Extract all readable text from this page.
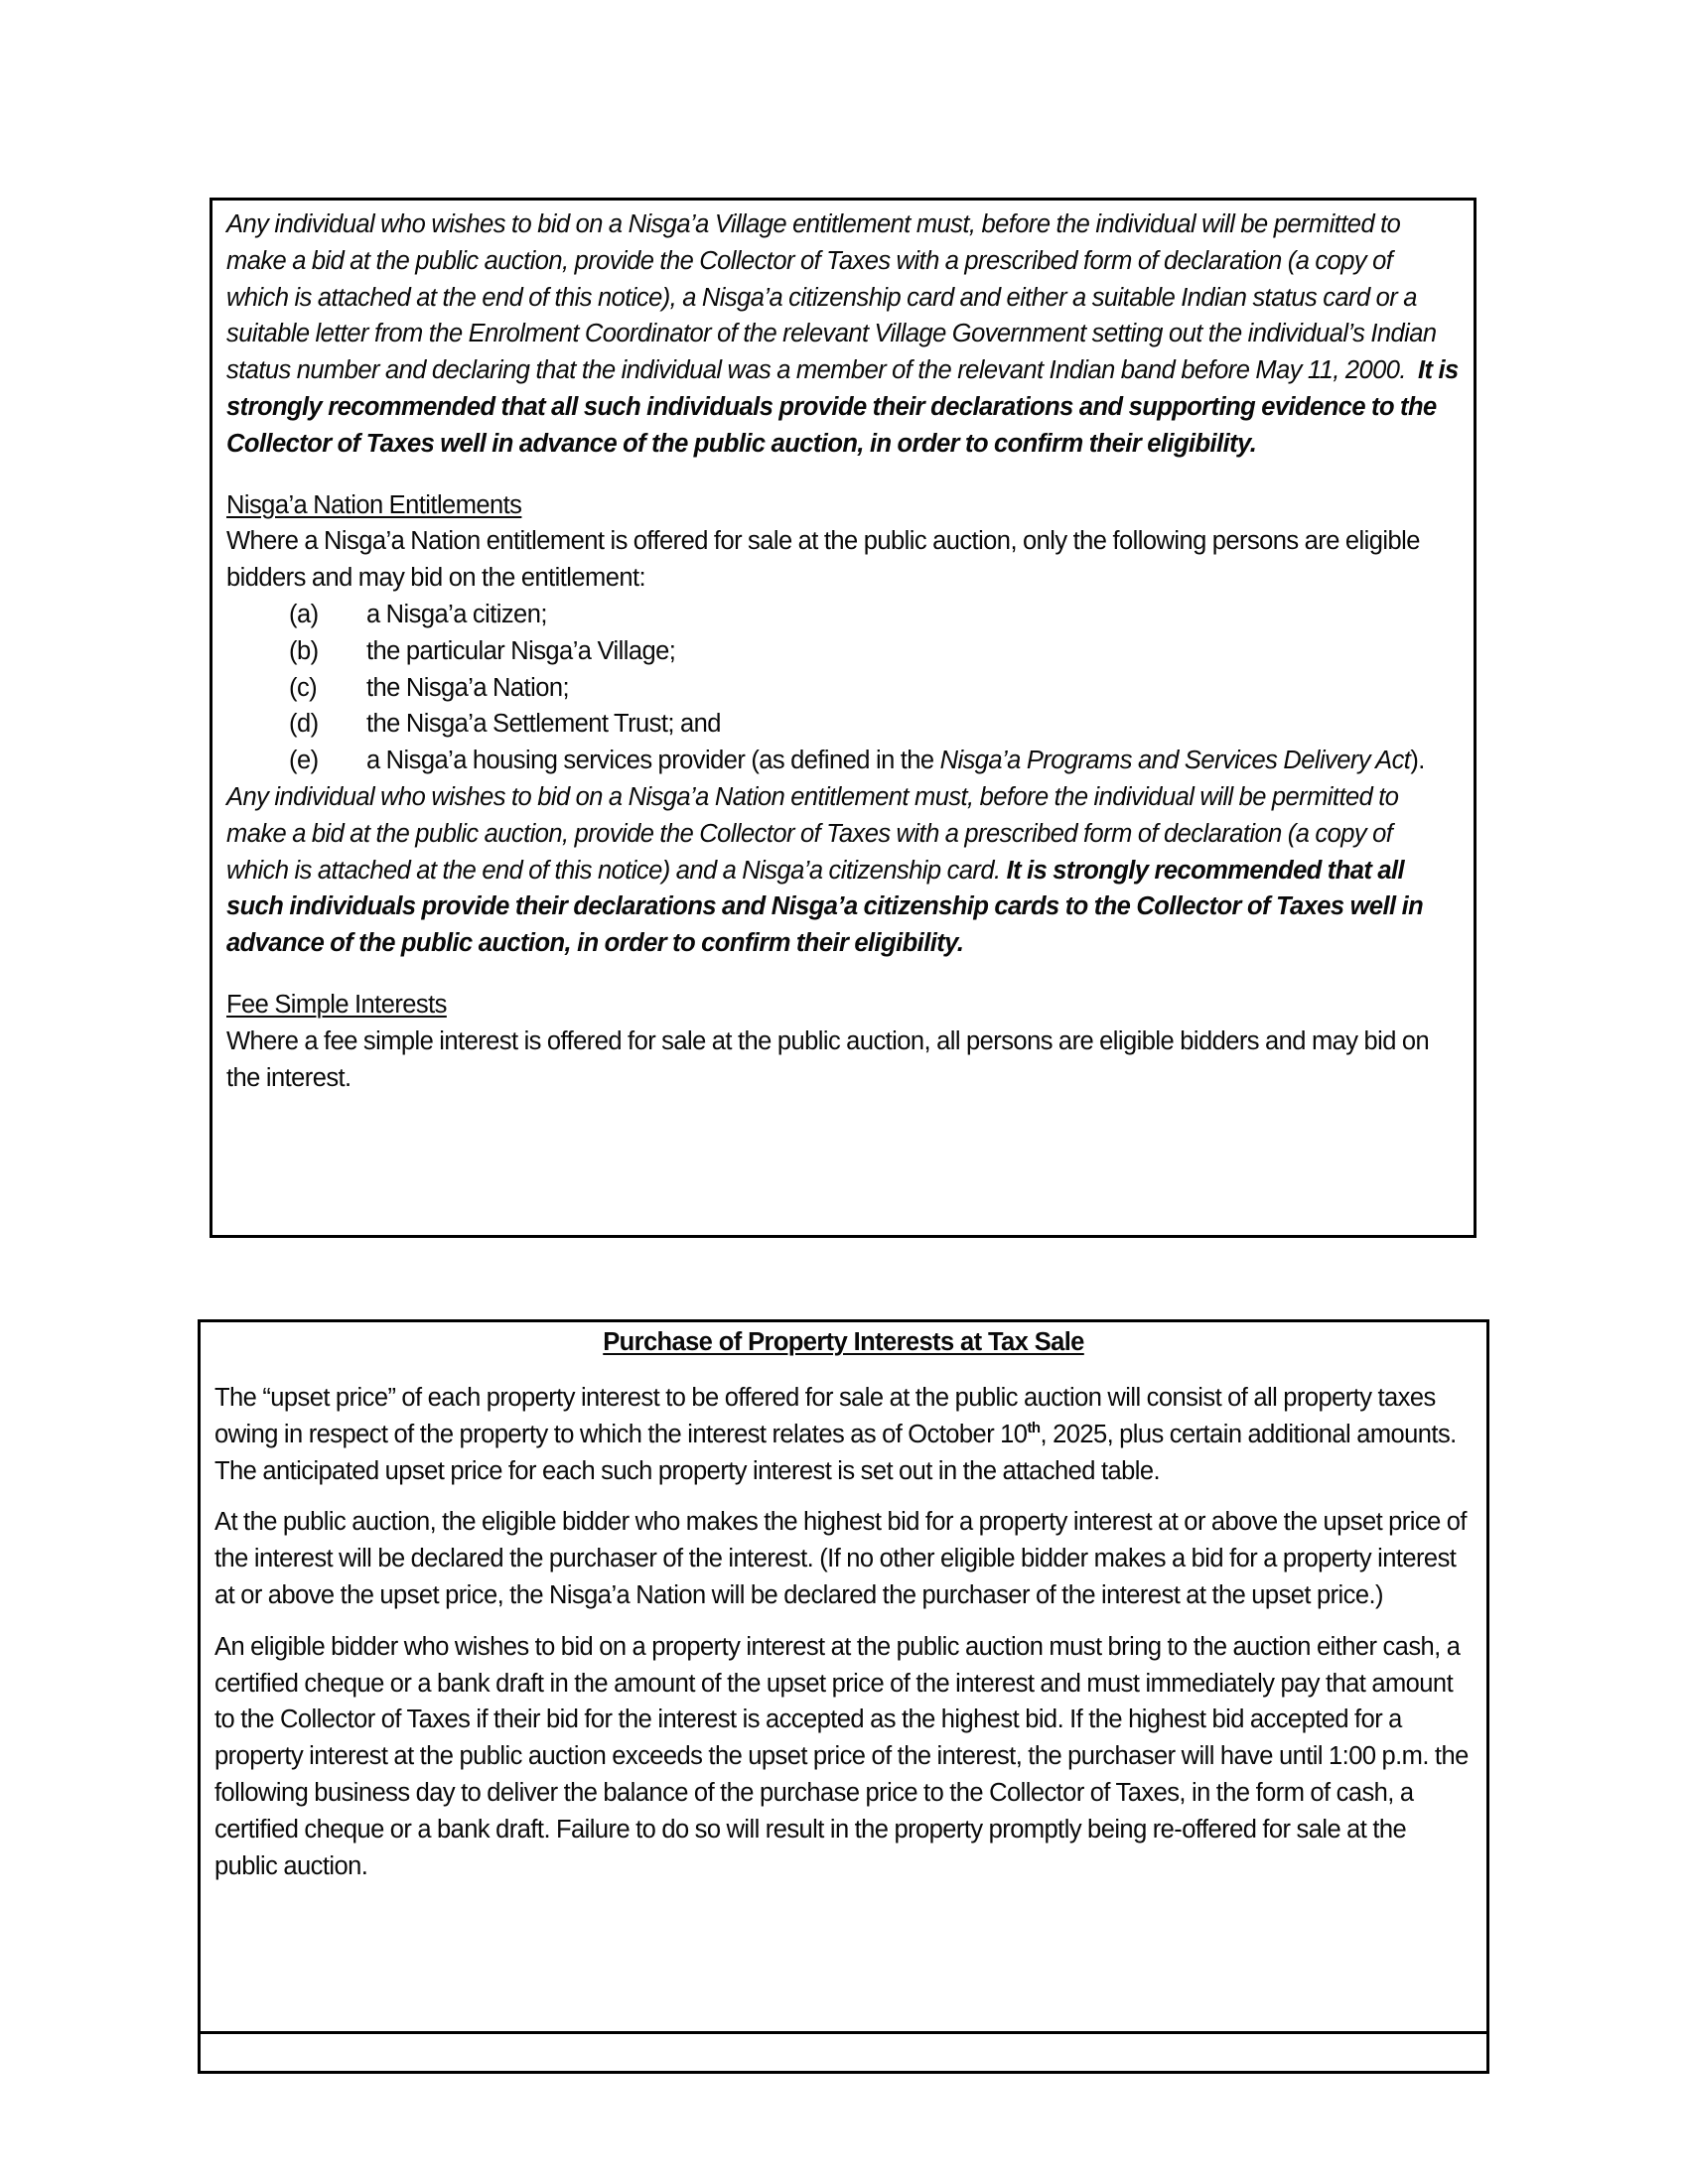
Any individual who wishes to bid on a Nisga’a Village entitlement must, before the individual will be permitted to make a bid at the public auction, provide the Collector of Taxes with a prescribed form of declaration (a copy of which is attached at the end of this notice), a Nisga’a citizenship card and either a suitable Indian status card or a suitable letter from the Enrolment Coordinator of the relevant Village Government setting out the individual’s Indian status number and declaring that the individual was a member of the relevant Indian band before May 11, 2000. It is strongly recommended that all such individuals provide their declarations and supporting evidence to the Collector of Taxes well in advance of the public auction, in order to confirm their eligibility.

Nisga’a Nation Entitlements

Where a Nisga’a Nation entitlement is offered for sale at the public auction, only the following persons are eligible bidders and may bid on the entitlement:

(a)	a Nisga’a citizen;
(b)	the particular Nisga’a Village;
(c)	the Nisga’a Nation;
(d)	the Nisga’a Settlement Trust; and
(e)	a Nisga’a housing services provider (as defined in the Nisga’a Programs and Services Delivery Act).

Any individual who wishes to bid on a Nisga’a Nation entitlement must, before the individual will be permitted to make a bid at the public auction, provide the Collector of Taxes with a prescribed form of declaration (a copy of which is attached at the end of this notice) and a Nisga’a citizenship card. It is strongly recommended that all such individuals provide their declarations and Nisga’a citizenship cards to the Collector of Taxes well in advance of the public auction, in order to confirm their eligibility.

Fee Simple Interests

Where a fee simple interest is offered for sale at the public auction, all persons are eligible bidders and may bid on the interest.

Purchase of Property Interests at Tax Sale

The “upset price” of each property interest to be offered for sale at the public auction will consist of all property taxes owing in respect of the property to which the interest relates as of October 10th, 2025, plus certain additional amounts. The anticipated upset price for each such property interest is set out in the attached table.

At the public auction, the eligible bidder who makes the highest bid for a property interest at or above the upset price of the interest will be declared the purchaser of the interest. (If no other eligible bidder makes a bid for a property interest at or above the upset price, the Nisga’a Nation will be declared the purchaser of the interest at the upset price.)

An eligible bidder who wishes to bid on a property interest at the public auction must bring to the auction either cash, a certified cheque or a bank draft in the amount of the upset price of the interest and must immediately pay that amount to the Collector of Taxes if their bid for the interest is accepted as the highest bid. If the highest bid accepted for a property interest at the public auction exceeds the upset price of the interest, the purchaser will have until 1:00 p.m. the following business day to deliver the balance of the purchase price to the Collector of Taxes, in the form of cash, a certified cheque or a bank draft. Failure to do so will result in the property promptly being re-offered for sale at the public auction.
